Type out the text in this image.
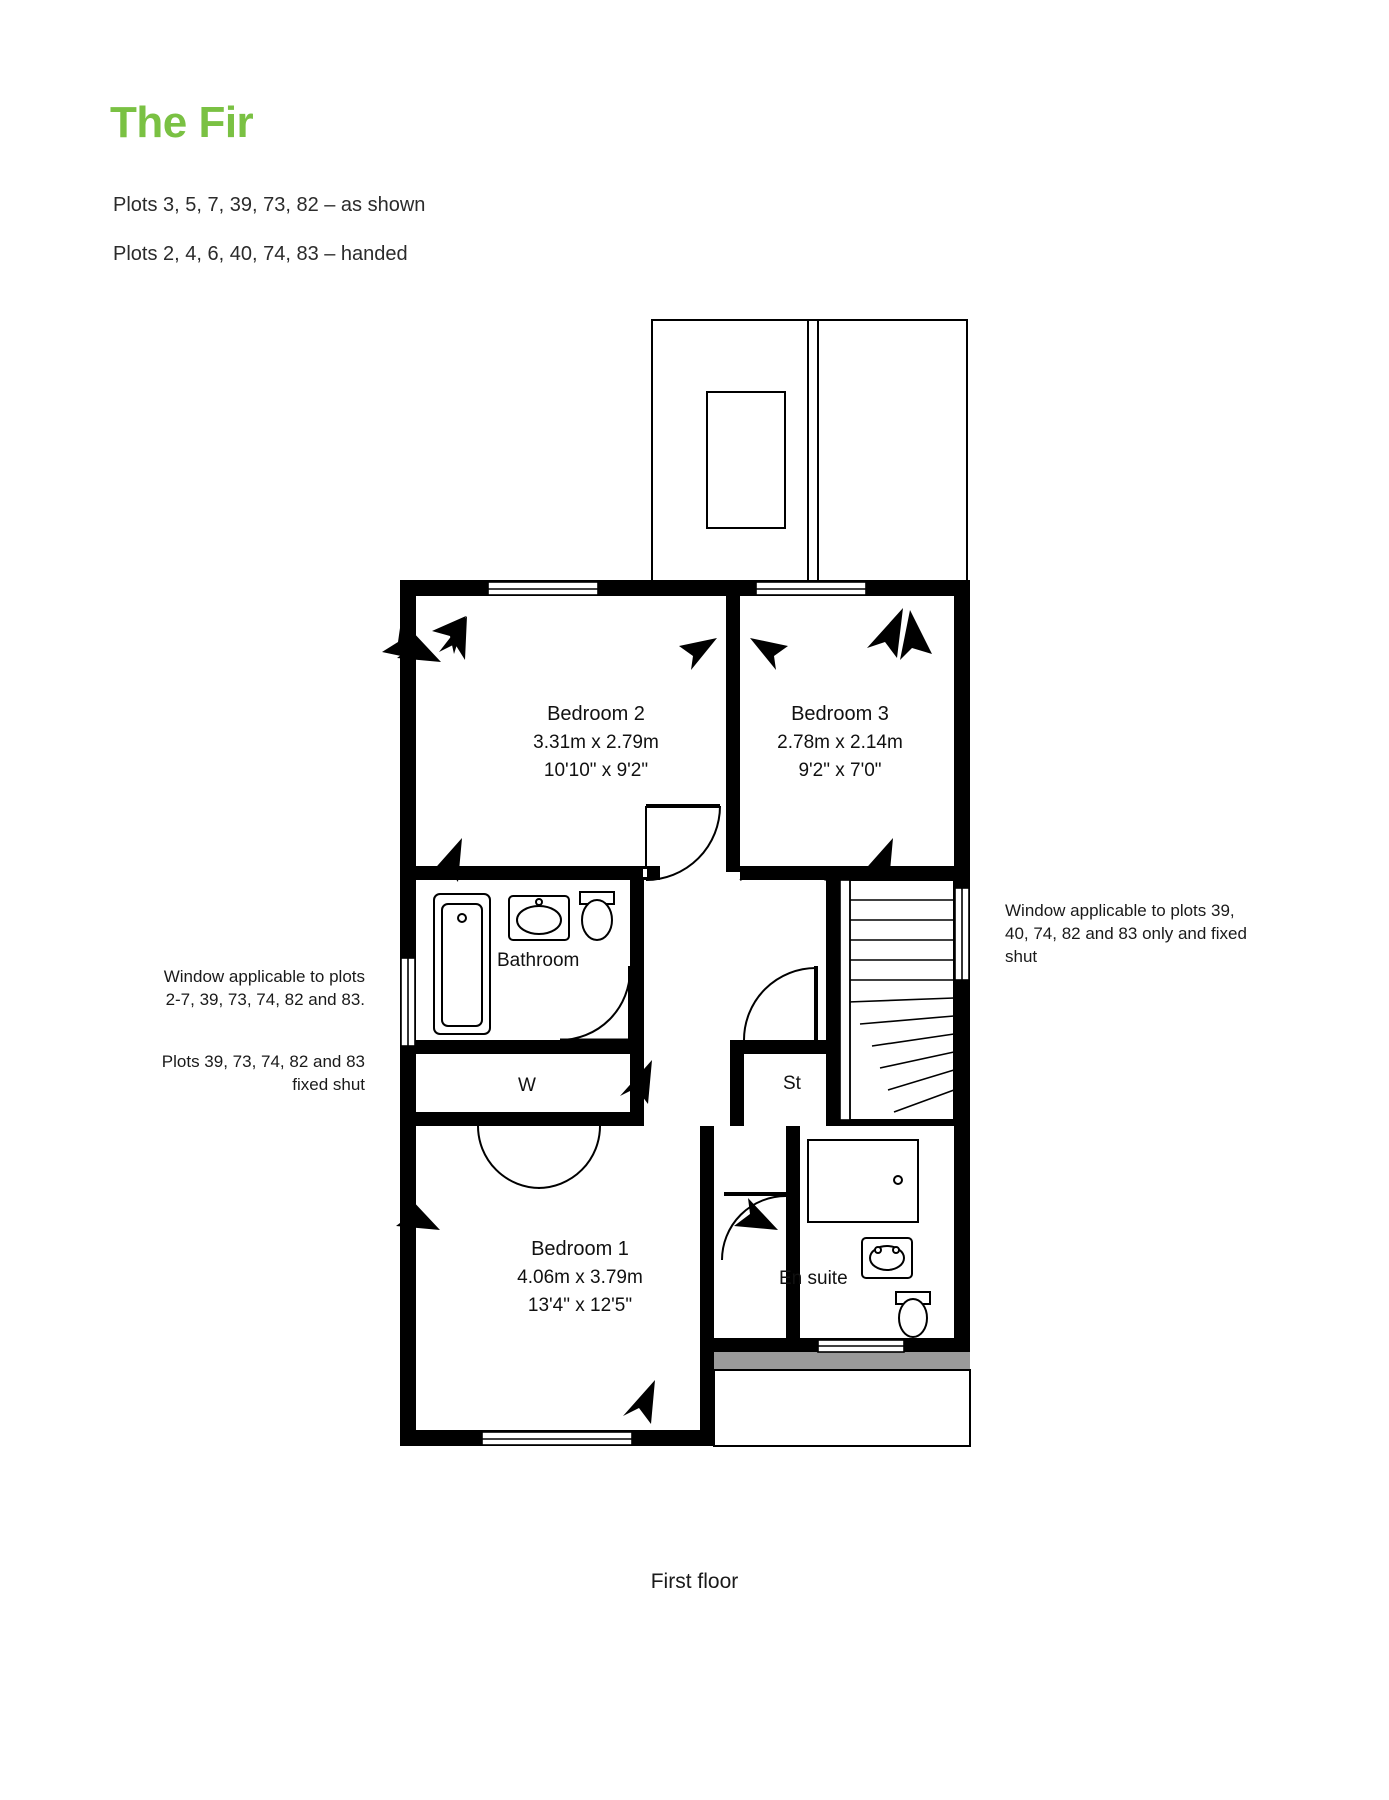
The Fir
Plots 3, 5, 7, 39, 73, 82 – as shown
Plots 2, 4, 6, 40, 74, 83 – handed
Window applicable to plots 2-7, 39, 73, 74, 82 and 83.
Plots 39, 73, 74, 82 and 83 fixed shut
Window applicable to plots 39, 40, 74, 82 and 83 only and fixed shut
Bedroom 2
3.31m x 2.79m
10'10" x 9'2"
Bedroom 3
2.78m x 2.14m
9'2" x 7'0"
Bedroom 1
4.06m x 3.79m
13'4" x 12'5"
Bathroom
W	St
En suite
First floor
